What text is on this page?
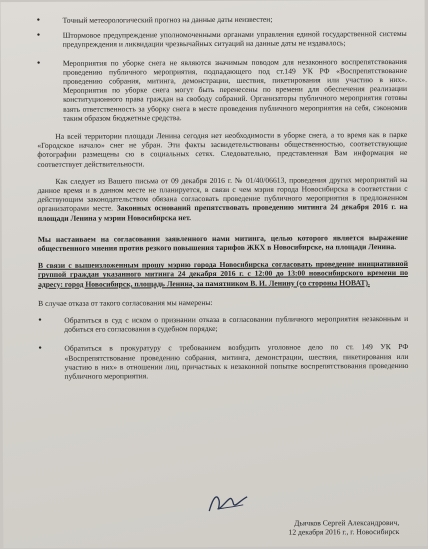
• Точный метеорологический прогноз на данные даты неизвестен;
• Штормовое предупреждение уполномоченными органами управления единой государственной системы предупреждения и ликвидации чрезвычайных ситуаций на данные даты не издавалось;
• Мероприятия по уборке снега не являются значимым поводом для незаконного воспрепятствования проведению публичного мероприятия, подпадающего под ст.149 УК РФ «Воспрепятствование проведению собрания, митинга, демонстрации, шествия, пикетирования или участию в них». Мероприятия по уборке снега могут быть перенесены по времени для обеспечения реализации конституционного права граждан на свободу собраний. Организаторы публичного мероприятия готовы взять ответственность за уборку снега в месте проведения публичного мероприятия на себя, сэкономив таким образом бюджетные средства.

На всей территории площади Ленина сегодня нет необходимости в уборке снега, а то время как в парке «Городское начало» снег не убран. Эти факты засвидетельствованы общественностью, соответствующие фотографии размещены сю в социальных сетях. Следовательно, представленная Вам информация не соответствует действительности.

Как следует из Вашего письма от 09 декабря 2016 г. № 01/40/06613, проведения других мероприятий на данное время и в данном месте не планируется, в связи с чем мэрия города Новосибирска в соответствии с действующим законодательством обязана согласовать проведение публичного мероприятия в предложенном организаторами месте. Законных оснований препятствовать проведению митинга 24 декабря 2016 г. на площади Ленина у мэрии Новосибирска нет.

Мы настаиваем на согласовании заявленного нами митинга, целью которого является выражение общественного мнения против резкого повышения тарифов ЖКХ в Новосибирске, на площади Ленина.

В связи с вышеизложенным прошу мэрию города Новосибирска согласовать проведение инициативной группой граждан указанного митинга 24 декабря 2016 г. с 12:00 до 13:00 новосибирского времени по адресу: город Новосибирск, площадь Ленина, за памятником В. И. Ленину (со стороны НОВАТ).

В случае отказа от такого согласования мы намерены:

• Обратиться в суд с иском о признании отказа в согласовании публичного мероприятия незаконным и добиться его согласования в судебном порядке;
• Обратиться в прокуратуру с требованием возбудить уголовное дело по ст. 149 УК РФ «Воспрепятствование проведению собрания, митинга, демонстрации, шествия, пикетирования или участию в них» в отношении лиц, причастных к незаконной попытке воспрепятствования проведению публичного мероприятия.
Дьячков Сергей Александрович,
12 декабря 2016 г., г. Новосибирск
